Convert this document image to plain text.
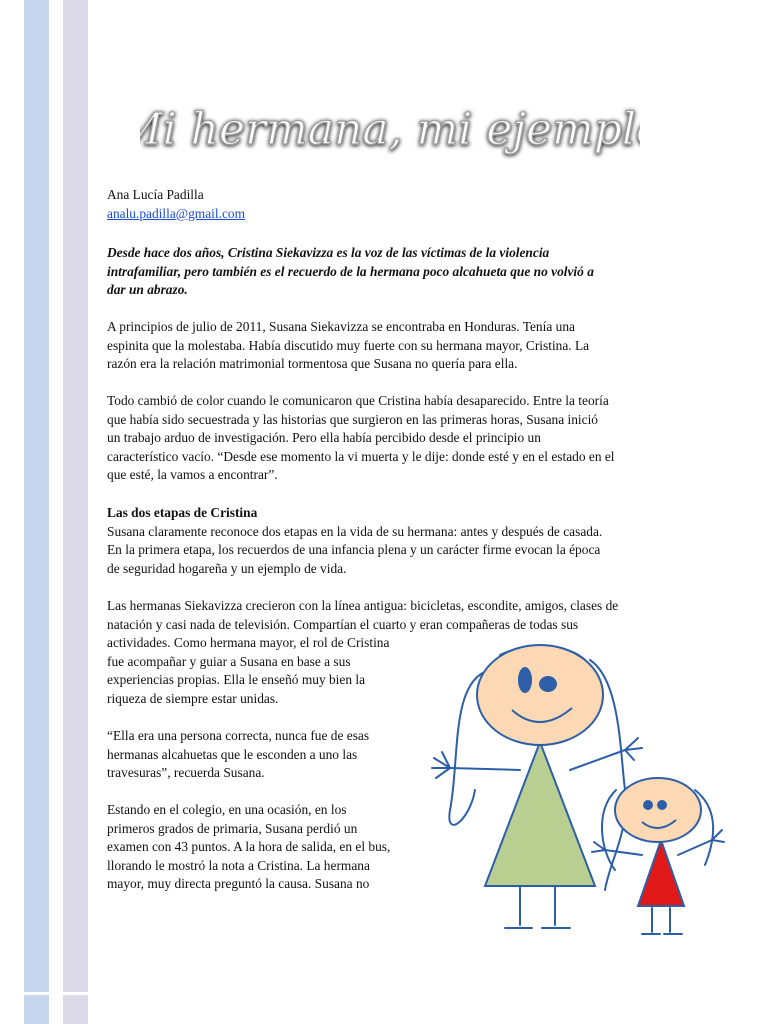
Mi hermana, mi ejemplo

Ana Lucía Padilla

analu.padilla@gmail.com

Desde hace dos años, Cristina Siekavizza es la voz de las víctimas de la violencia

intrafamiliar, pero también es el recuerdo de la hermana poco alcahueta que no volvió a

dar un abrazo.

A principios de julio de 2011, Susana Siekavizza se encontraba en Honduras. Tenía una

espinita que la molestaba. Había discutido muy fuerte con su hermana mayor, Cristina. La

razón era la relación matrimonial tormentosa que Susana no quería para ella.

Todo cambió de color cuando le comunicaron que Cristina había desaparecido. Entre la teoría

que había sido secuestrada y las historias que surgieron en las primeras horas, Susana inició

un trabajo arduo de investigación. Pero ella había percibido desde el principio un

característico vacío. “Desde ese momento la vi muerta y le dije: donde esté y en el estado en el

que esté, la vamos a encontrar”.

Las dos etapas de Cristina

Susana claramente reconoce dos etapas en la vida de su hermana: antes y después de casada.

En la primera etapa, los recuerdos de una infancia plena y un carácter firme evocan la época

de seguridad hogareña y un ejemplo de vida.

Las hermanas Siekavizza crecieron con la línea antigua: bicicletas, escondite, amigos, clases de

natación y casi nada de televisión. Compartían el cuarto y eran compañeras de todas sus

actividades. Como hermana mayor, el rol de Cristina

fue acompañar y guiar a Susana en base a sus

experiencias propias. Ella le enseñó muy bien la

riqueza de siempre estar unidas.

“Ella era una persona correcta, nunca fue de esas

hermanas alcahuetas que le esconden a uno las

travesuras”, recuerda Susana.

Estando en el colegio, en una ocasión, en los

primeros grados de primaria, Susana perdió un

examen con 43 puntos. A la hora de salida, en el bus,

llorando le mostró la nota a Cristina. La hermana

mayor, muy directa preguntó la causa. Susana no
